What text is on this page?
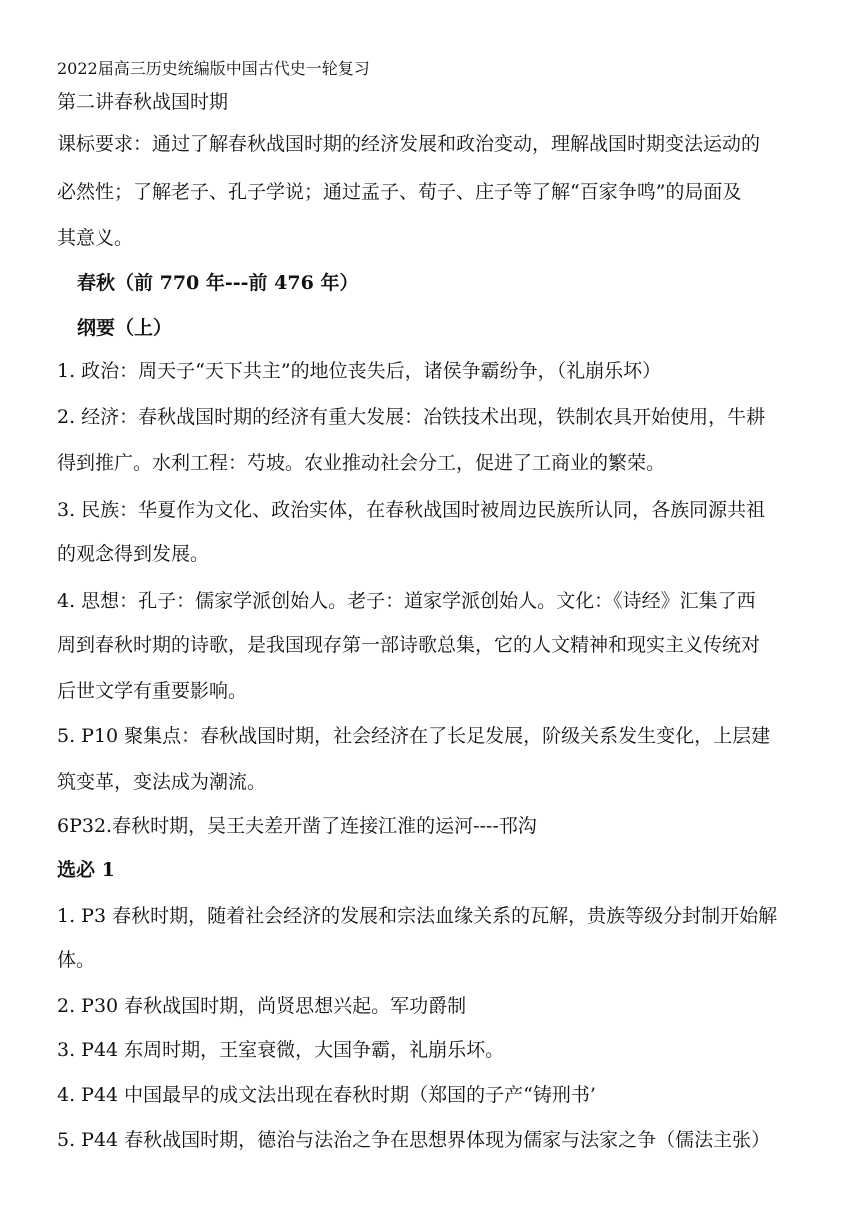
2022届高三历史统编版中国古代史一轮复习
第二讲春秋战国时期
课标要求：通过了解春秋战国时期的经济发展和政治变动，理解战国时期变法运动的
必然性；了解老子、孔子学说；通过孟子、荀子、庄子等了解“百家争鸣”的局面及
其意义。
春秋（前 770 年---前 476 年）
纲要（上）
1. 政治：周天子“天下共主”的地位丧失后，诸侯争霸纷争，（礼崩乐坏）
2. 经济：春秋战国时期的经济有重大发展：冶铁技术出现，铁制农具开始使用，牛耕
得到推广。水利工程：芍坡。农业推动社会分工，促进了工商业的繁荣。
3. 民族：华夏作为文化、政治实体，在春秋战国时被周边民族所认同，各族同源共祖
的观念得到发展。
4. 思想：孔子：儒家学派创始人。老子：道家学派创始人。文化：《诗经》汇集了西
周到春秋时期的诗歌，是我国现存第一部诗歌总集，它的人文精神和现实主义传统对
后世文学有重要影响。
5. P10 聚集点：春秋战国时期，社会经济在了长足发展，阶级关系发生变化，上层建
筑变革，变法成为潮流。
6P32.春秋时期，吴王夫差开凿了连接江淮的运河----邗沟
选必 1
1. P3 春秋时期，随着社会经济的发展和宗法血缘关系的瓦解，贵族等级分封制开始解
体。
2. P30 春秋战国时期，尚贤思想兴起。军功爵制
3. P44 东周时期，王室衰微，大国争霸，礼崩乐坏。
4. P44 中国最早的成文法出现在春秋时期（郑国的子产“铸刑书’
5. P44 春秋战国时期，德治与法治之争在思想界体现为儒家与法家之争（儒法主张）
